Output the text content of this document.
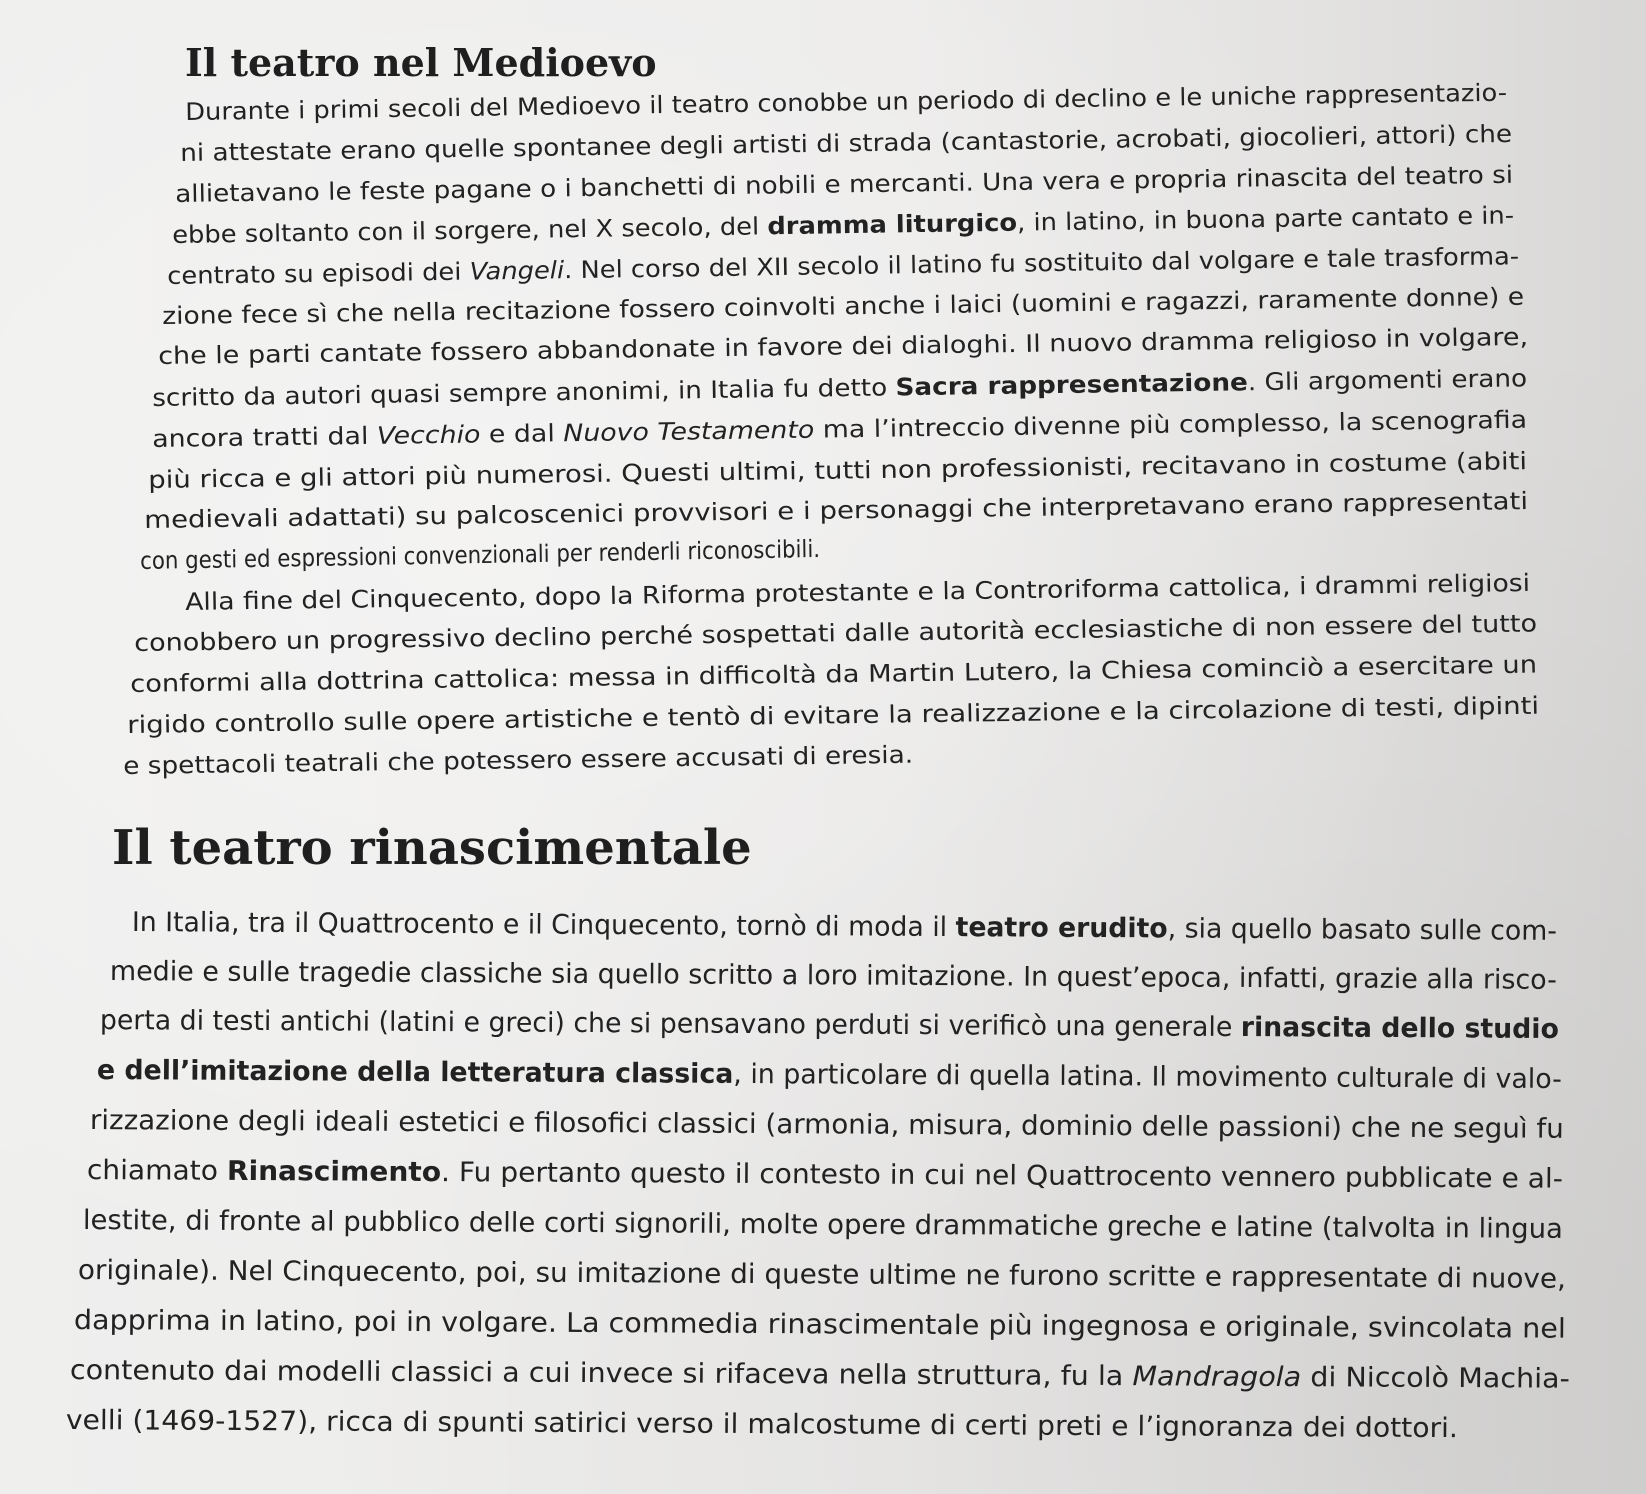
Il teatro nel Medioevo
Durante i primi secoli del Medioevo il teatro conobbe un periodo di declino e le uniche rappresentazio-
ni attestate erano quelle spontanee degli artisti di strada (cantastorie, acrobati, giocolieri, attori) che
allietavano le feste pagane o i banchetti di nobili e mercanti. Una vera e propria rinascita del teatro si
ebbe soltanto con il sorgere, nel X secolo, del dramma liturgico, in latino, in buona parte cantato e in-
centrato su episodi dei Vangeli. Nel corso del XII secolo il latino fu sostituito dal volgare e tale trasforma-
zione fece sì che nella recitazione fossero coinvolti anche i laici (uomini e ragazzi, raramente donne) e
che le parti cantate fossero abbandonate in favore dei dialoghi. Il nuovo dramma religioso in volgare,
scritto da autori quasi sempre anonimi, in Italia fu detto Sacra rappresentazione. Gli argomenti erano
ancora tratti dal Vecchio e dal Nuovo Testamento ma l’intreccio divenne più complesso, la scenografia
più ricca e gli attori più numerosi. Questi ultimi, tutti non professionisti, recitavano in costume (abiti
medievali adattati) su palcoscenici provvisori e i personaggi che interpretavano erano rappresentati
con gesti ed espressioni convenzionali per renderli riconoscibili.
Alla fine del Cinquecento, dopo la Riforma protestante e la Controriforma cattolica, i drammi religiosi
conobbero un progressivo declino perché sospettati dalle autorità ecclesiastiche di non essere del tutto
conformi alla dottrina cattolica: messa in difficoltà da Martin Lutero, la Chiesa cominciò a esercitare un
rigido controllo sulle opere artistiche e tentò di evitare la realizzazione e la circolazione di testi, dipinti
e spettacoli teatrali che potessero essere accusati di eresia.
Il teatro rinascimentale
In Italia, tra il Quattrocento e il Cinquecento, tornò di moda il teatro erudito, sia quello basato sulle com-
medie e sulle tragedie classiche sia quello scritto a loro imitazione. In quest’epoca, infatti, grazie alla risco-
perta di testi antichi (latini e greci) che si pensavano perduti si verificò una generale rinascita dello studio
e dell’imitazione della letteratura classica, in particolare di quella latina. Il movimento culturale di valo-
rizzazione degli ideali estetici e filosofici classici (armonia, misura, dominio delle passioni) che ne seguì fu
chiamato Rinascimento. Fu pertanto questo il contesto in cui nel Quattrocento vennero pubblicate e al-
lestite, di fronte al pubblico delle corti signorili, molte opere drammatiche greche e latine (talvolta in lingua
originale). Nel Cinquecento, poi, su imitazione di queste ultime ne furono scritte e rappresentate di nuove,
dapprima in latino, poi in volgare. La commedia rinascimentale più ingegnosa e originale, svincolata nel
contenuto dai modelli classici a cui invece si rifaceva nella struttura, fu la Mandragola di Niccolò Machia-
velli (1469-1527), ricca di spunti satirici verso il malcostume di certi preti e l’ignoranza dei dottori.
